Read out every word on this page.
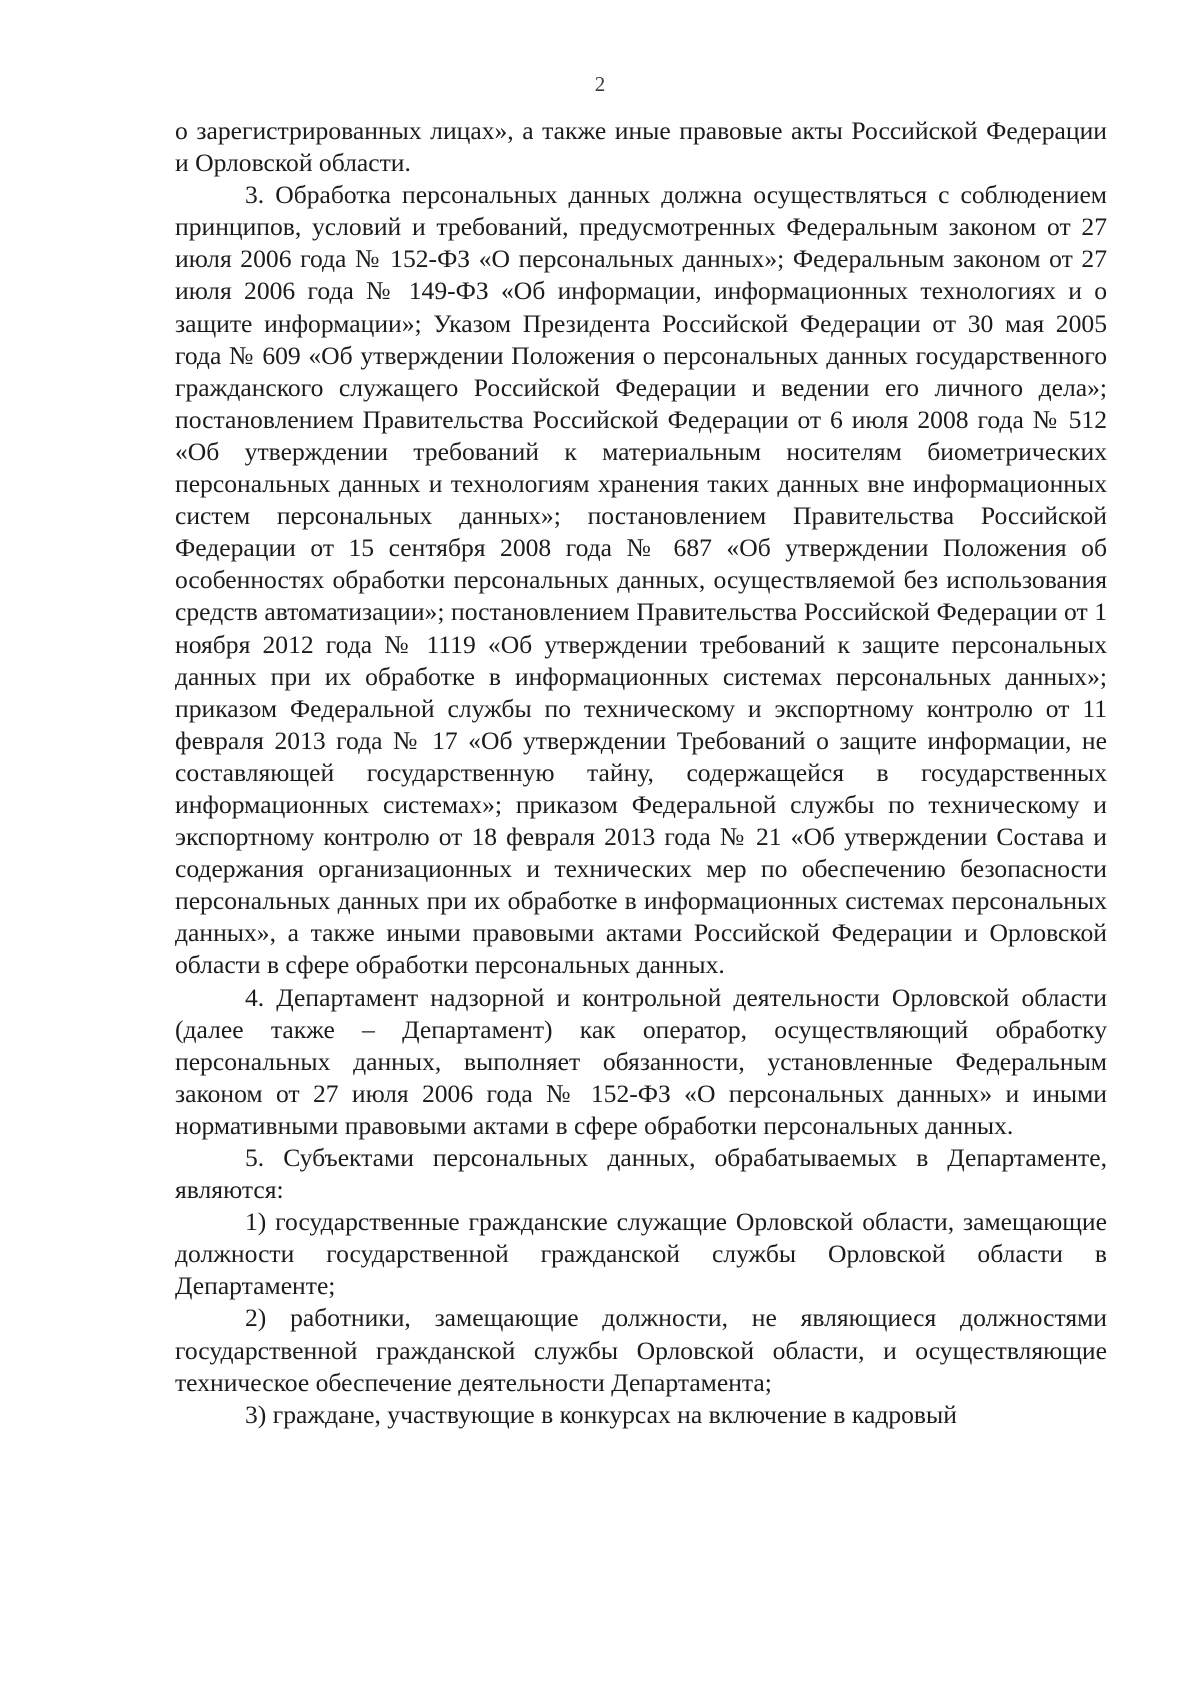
2

о зарегистрированных лицах», а также иные правовые акты Российской Федерации и Орловской области.

3. Обработка персональных данных должна осуществляться с соблюдением принципов, условий и требований, предусмотренных Федеральным законом от 27 июля 2006 года № 152-ФЗ «О персональных данных»; Федеральным законом от 27 июля 2006 года № 149-ФЗ «Об информации, информационных технологиях и о защите информации»; Указом Президента Российской Федерации от 30 мая 2005 года № 609 «Об утверждении Положения о персональных данных государственного гражданского служащего Российской Федерации и ведении его личного дела»; постановлением Правительства Российской Федерации от 6 июля 2008 года № 512 «Об утверждении требований к материальным носителям биометрических персональных данных и технологиям хранения таких данных вне информационных систем персональных данных»; постановлением Правительства Российской Федерации от 15 сентября 2008 года № 687 «Об утверждении Положения об особенностях обработки персональных данных, осуществляемой без использования средств автоматизации»; постановлением Правительства Российской Федерации от 1 ноября 2012 года № 1119 «Об утверждении требований к защите персональных данных при их обработке в информационных системах персональных данных»; приказом Федеральной службы по техническому и экспортному контролю от 11 февраля 2013 года № 17 «Об утверждении Требований о защите информации, не составляющей государственную тайну, содержащейся в государственных информационных системах»; приказом Федеральной службы по техническому и экспортному контролю от 18 февраля 2013 года № 21 «Об утверждении Состава и содержания организационных и технических мер по обеспечению безопасности персональных данных при их обработке в информационных системах персональных данных», а также иными правовыми актами Российской Федерации и Орловской области в сфере обработки персональных данных.

4. Департамент надзорной и контрольной деятельности Орловской области (далее также – Департамент) как оператор, осуществляющий обработку персональных данных, выполняет обязанности, установленные Федеральным законом от 27 июля 2006 года № 152-ФЗ «О персональных данных» и иными нормативными правовыми актами в сфере обработки персональных данных.

5. Субъектами персональных данных, обрабатываемых в Департаменте, являются:

1) государственные гражданские служащие Орловской области, замещающие должности государственной гражданской службы Орловской области в Департаменте;

2) работники, замещающие должности, не являющиеся должностями государственной гражданской службы Орловской области, и осуществляющие техническое обеспечение деятельности Департамента;

3) граждане, участвующие в конкурсах на включение в кадровый
